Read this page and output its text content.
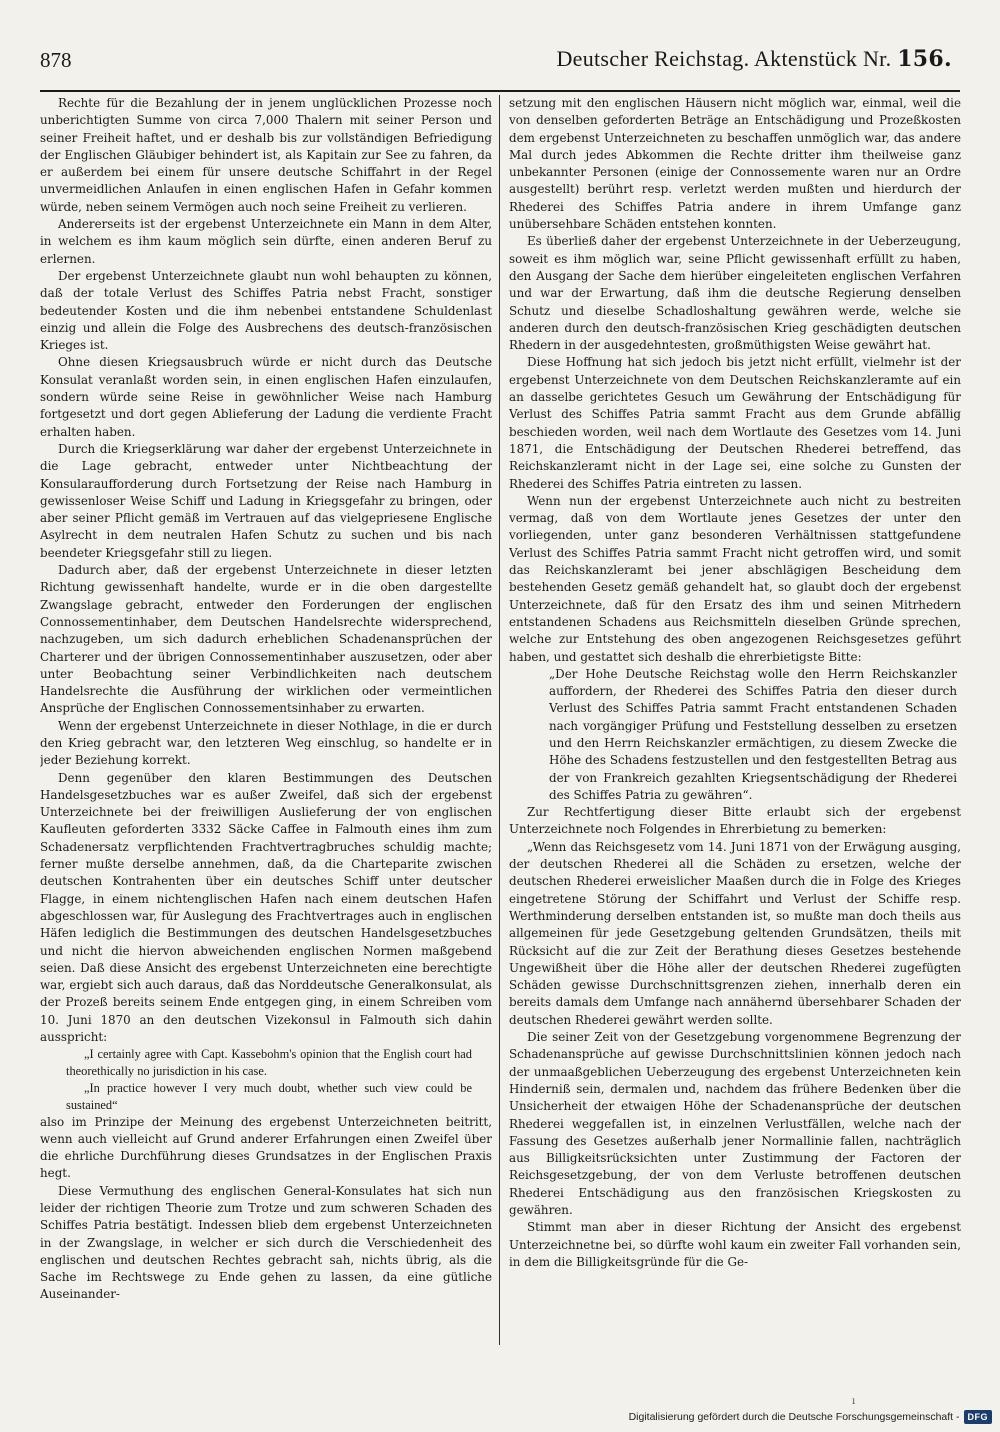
878	Deutscher Reichstag. Aktenstück Nr. 156.

Rechte für die Bezahlung der in jenem unglücklichen Prozesse noch unberichtigten Summe von circa 7,000 Thalern mit seiner Person und seiner Freiheit haftet, und er deshalb bis zur vollständigen Befriedigung der Englischen Gläubiger behindert ist, als Kapitain zur See zu fahren, da er außerdem bei einem für unsere deutsche Schiffahrt in der Regel unvermeidlichen Anlaufen in einen englischen Hafen in Gefahr kommen würde, neben seinem Vermögen auch noch seine Freiheit zu verlieren.

Andererseits ist der ergebenst Unterzeichnete ein Mann in dem Alter, in welchem es ihm kaum möglich sein dürfte, einen anderen Beruf zu erlernen.

Der ergebenst Unterzeichnete glaubt nun wohl behaupten zu können, daß der totale Verlust des Schiffes Patria nebst Fracht, sonstiger bedeutender Kosten und die ihm nebenbei entstandene Schuldenlast einzig und allein die Folge des Ausbrechens des deutsch-französischen Krieges ist.

Ohne diesen Kriegsausbruch würde er nicht durch das Deutsche Konsulat veranlaßt worden sein, in einen englischen Hafen einzulaufen, sondern würde seine Reise in gewöhnlicher Weise nach Hamburg fortgesetzt und dort gegen Ablieferung der Ladung die verdiente Fracht erhalten haben.

Durch die Kriegserklärung war daher der ergebenst Unterzeichnete in die Lage gebracht, entweder unter Nichtbeachtung der Konsularaufforderung durch Fortsetzung der Reise nach Hamburg in gewissenloser Weise Schiff und Ladung in Kriegsgefahr zu bringen, oder aber seiner Pflicht gemäß im Vertrauen auf das vielgepriesene Englische Asylrecht in dem neutralen Hafen Schutz zu suchen und bis nach beendeter Kriegsgefahr still zu liegen.

Dadurch aber, daß der ergebenst Unterzeichnete in dieser letzten Richtung gewissenhaft handelte, wurde er in die oben dargestellte Zwangslage gebracht, entweder den Forderungen der englischen Connossementinhaber, dem Deutschen Handelsrechte widersprechend, nachzugeben, um sich dadurch erheblichen Schadenansprüchen der Charterer und der übrigen Connossementinhaber auszusetzen, oder aber unter Beobachtung seiner Verbindlichkeiten nach deutschem Handelsrechte die Ausführung der wirklichen oder vermeintlichen Ansprüche der Englischen Connossementsinhaber zu erwarten.

Wenn der ergebenst Unterzeichnete in dieser Nothlage, in die er durch den Krieg gebracht war, den letzteren Weg einschlug, so handelte er in jeder Beziehung korrekt.

Denn gegenüber den klaren Bestimmungen des Deutschen Handelsgesetzbuches war es außer Zweifel, daß sich der ergebenst Unterzeichnete bei der freiwilligen Auslieferung der von englischen Kaufleuten geforderten 3332 Säcke Caffee in Falmouth eines ihm zum Schadenersatz verpflichtenden Frachtvertragbruches schuldig machte; ferner mußte derselbe annehmen, daß, da die Charteparite zwischen deutschen Kontrahenten über ein deutsches Schiff unter deutscher Flagge, in einem nichtenglischen Hafen nach einem deutschen Hafen abgeschlossen war, für Auslegung des Frachtvertrages auch in englischen Häfen lediglich die Bestimmungen des deutschen Handelsgesetzbuches und nicht die hiervon abweichenden englischen Normen maßgebend seien. Daß diese Ansicht des ergebenst Unterzeichneten eine berechtigte war, ergiebt sich auch daraus, daß das Norddeutsche Generalkonsulat, als der Prozeß bereits seinem Ende entgegen ging, in einem Schreiben vom 10. Juni 1870 an den deutschen Vizekonsul in Falmouth sich dahin ausspricht:

„I certainly agree with Capt. Kassebohm's opinion that the English court had theorethically no jurisdiction in his case.

„In practice however I very much doubt, whether such view could be sustained“

also im Prinzipe der Meinung des ergebenst Unterzeichneten beitritt, wenn auch vielleicht auf Grund anderer Erfahrungen einen Zweifel über die ehrliche Durchführung dieses Grundsatzes in der Englischen Praxis hegt.

Diese Vermuthung des englischen General-Konsulates hat sich nun leider der richtigen Theorie zum Trotze und zum schweren Schaden des Schiffes Patria bestätigt. Indessen blieb dem ergebenst Unterzeichneten in der Zwangslage, in welcher er sich durch die Verschiedenheit des englischen und deutschen Rechtes gebracht sah, nichts übrig, als die Sache im Rechtswege zu Ende gehen zu lassen, da eine gütliche Auseinander-

setzung mit den englischen Häusern nicht möglich war, einmal, weil die von denselben geforderten Beträge an Entschädigung und Prozeßkosten dem ergebenst Unterzeichneten zu beschaffen unmöglich war, das andere Mal durch jedes Abkommen die Rechte dritter ihm theilweise ganz unbekannter Personen (einige der Connossemente waren nur an Ordre ausgestellt) berührt resp. verletzt werden mußten und hierdurch der Rhederei des Schiffes Patria andere in ihrem Umfange ganz unübersehbare Schäden entstehen konnten.

Es überließ daher der ergebenst Unterzeichnete in der Ueberzeugung, soweit es ihm möglich war, seine Pflicht gewissenhaft erfüllt zu haben, den Ausgang der Sache dem hierüber eingeleiteten englischen Verfahren und war der Erwartung, daß ihm die deutsche Regierung denselben Schutz und dieselbe Schadloshaltung gewähren werde, welche sie anderen durch den deutsch-französischen Krieg geschädigten deutschen Rhedern in der ausgedehntesten, großmüthigsten Weise gewährt hat.

Diese Hoffnung hat sich jedoch bis jetzt nicht erfüllt, vielmehr ist der ergebenst Unterzeichnete von dem Deutschen Reichskanzleramte auf ein an dasselbe gerichtetes Gesuch um Gewährung der Entschädigung für Verlust des Schiffes Patria sammt Fracht aus dem Grunde abfällig beschieden worden, weil nach dem Wortlaute des Gesetzes vom 14. Juni 1871, die Entschädigung der Deutschen Rhederei betreffend, das Reichskanzleramt nicht in der Lage sei, eine solche zu Gunsten der Rhederei des Schiffes Patria eintreten zu lassen.

Wenn nun der ergebenst Unterzeichnete auch nicht zu bestreiten vermag, daß von dem Wortlaute jenes Gesetzes der unter den vorliegenden, unter ganz besonderen Verhältnissen stattgefundene Verlust des Schiffes Patria sammt Fracht nicht getroffen wird, und somit das Reichskanzleramt bei jener abschlägigen Bescheidung dem bestehenden Gesetz gemäß gehandelt hat, so glaubt doch der ergebenst Unterzeichnete, daß für den Ersatz des ihm und seinen Mitrhedern entstandenen Schadens aus Reichsmitteln dieselben Gründe sprechen, welche zur Entstehung des oben angezogenen Reichsgesetzes geführt haben, und gestattet sich deshalb die ehrerbietigste Bitte:

„Der Hohe Deutsche Reichstag wolle den Herrn Reichskanzler auffordern, der Rhederei des Schiffes Patria den dieser durch Verlust des Schiffes Patria sammt Fracht entstandenen Schaden nach vorgängiger Prüfung und Feststellung desselben zu ersetzen und den Herrn Reichskanzler ermächtigen, zu diesem Zwecke die Höhe des Schadens festzustellen und den festgestellten Betrag aus der von Frankreich gezahlten Kriegsentschädigung der Rhederei des Schiffes Patria zu gewähren“.

Zur Rechtfertigung dieser Bitte erlaubt sich der ergebenst Unterzeichnete noch Folgendes in Ehrerbietung zu bemerken:

„Wenn das Reichsgesetz vom 14. Juni 1871 von der Erwägung ausging, der deutschen Rhederei all die Schäden zu ersetzen, welche der deutschen Rhederei erweislicher Maaßen durch die in Folge des Krieges eingetretene Störung der Schiffahrt und Verlust der Schiffe resp. Werthminderung derselben entstanden ist, so mußte man doch theils aus allgemeinen für jede Gesetzgebung geltenden Grundsätzen, theils mit Rücksicht auf die zur Zeit der Berathung dieses Gesetzes bestehende Ungewißheit über die Höhe aller der deutschen Rhederei zugefügten Schäden gewisse Durchschnittsgrenzen ziehen, innerhalb deren ein bereits damals dem Umfange nach annähernd übersehbarer Schaden der deutschen Rhederei gewährt werden sollte.

Die seiner Zeit von der Gesetzgebung vorgenommene Begrenzung der Schadenansprüche auf gewisse Durchschnittslinien können jedoch nach der unmaaßgeblichen Ueberzeugung des ergebenst Unterzeichneten kein Hinderniß sein, dermalen und, nachdem das frühere Bedenken über die Unsicherheit der etwaigen Höhe der Schadenansprüche der deutschen Rhederei weggefallen ist, in einzelnen Verlustfällen, welche nach der Fassung des Gesetzes außerhalb jener Normallinie fallen, nachträglich aus Billigkeitsrücksichten unter Zustimmung der Factoren der Reichsgesetzgebung, der von dem Verluste betroffenen deutschen Rhederei Entschädigung aus den französischen Kriegskosten zu gewähren.

Stimmt man aber in dieser Richtung der Ansicht des ergebenst Unterzeichnetne bei, so dürfte wohl kaum ein zweiter Fall vorhanden sein, in dem die Billigkeitsgründe für die Ge-

ı
Digitalisierung gefördert durch die Deutsche Forschungsgemeinschaft - DFG
